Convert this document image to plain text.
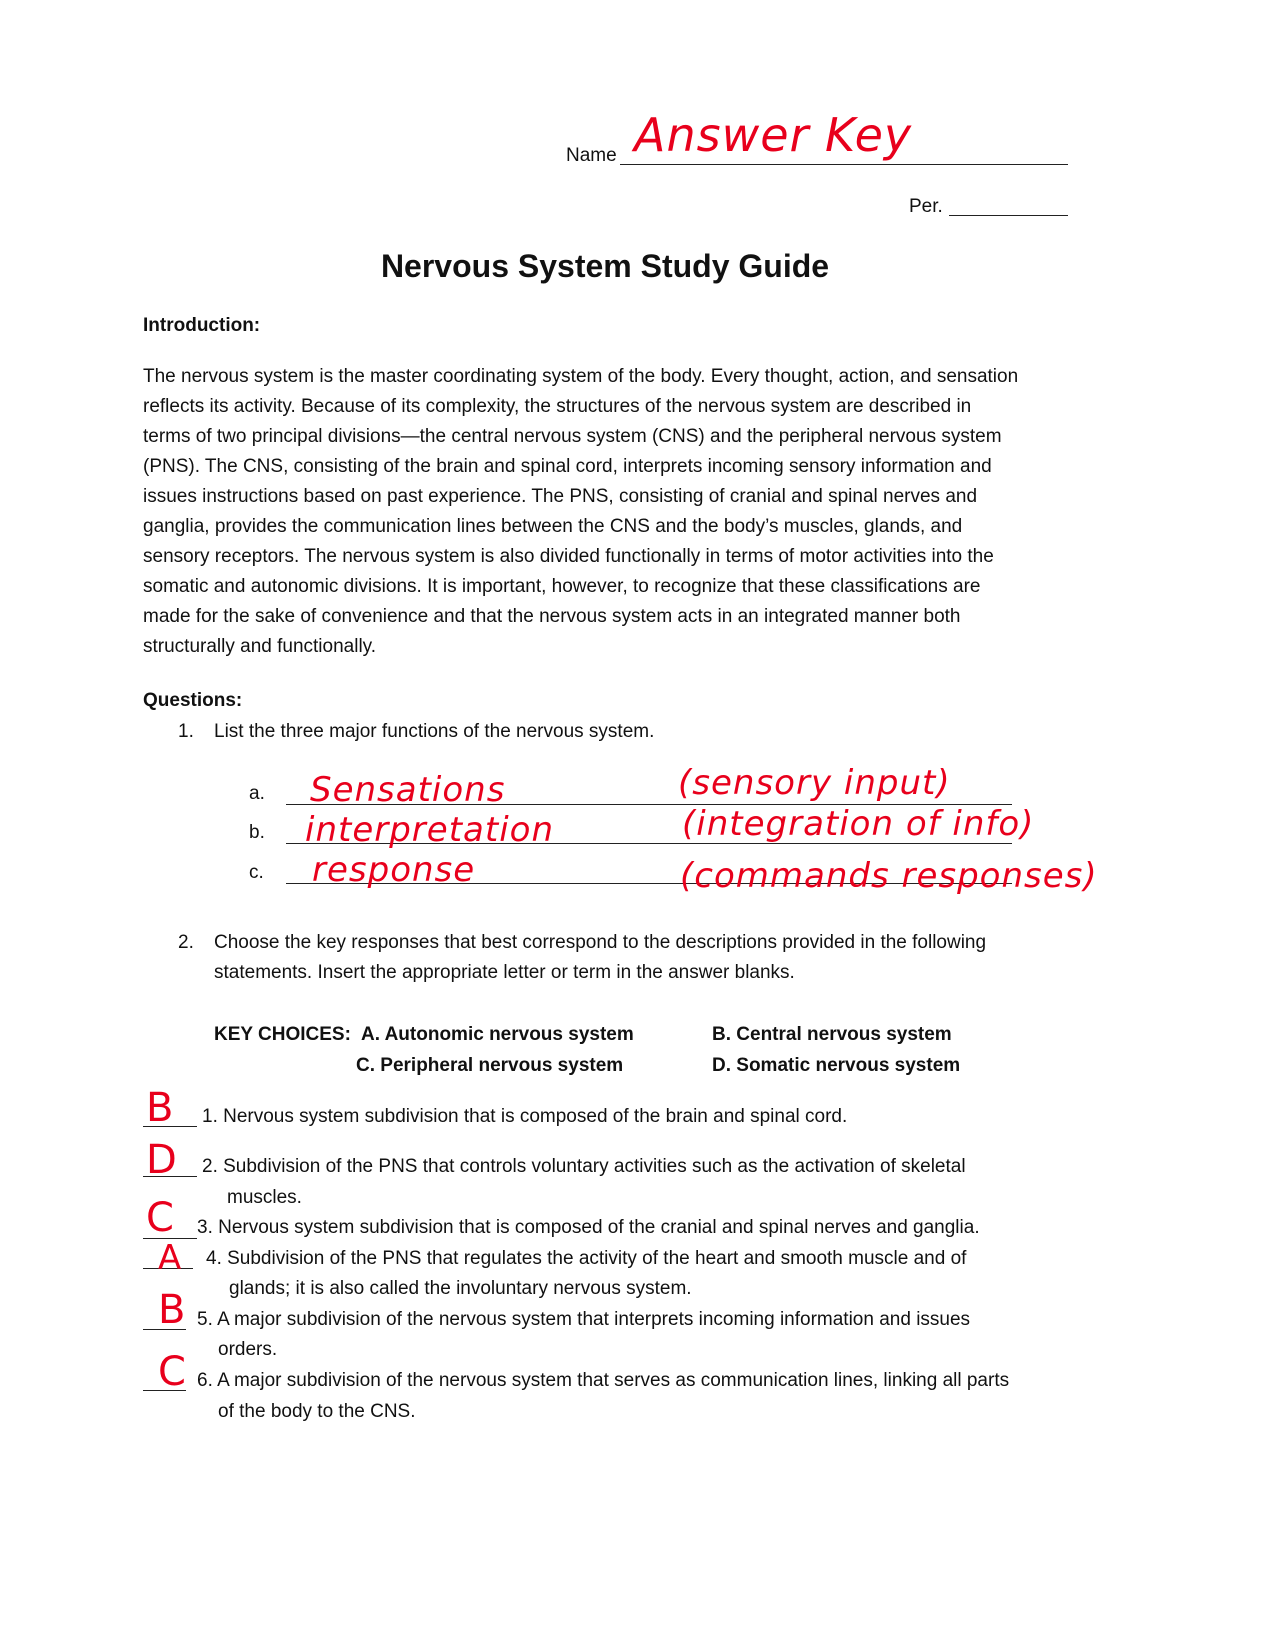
Name Answer Key
Per.
Nervous System Study Guide
Introduction:
The nervous system is the master coordinating system of the body. Every thought, action, and sensation
reflects its activity. Because of its complexity, the structures of the nervous system are described in
terms of two principal divisions—the central nervous system (CNS) and the peripheral nervous system
(PNS). The CNS, consisting of the brain and spinal cord, interprets incoming sensory information and
issues instructions based on past experience. The PNS, consisting of cranial and spinal nerves and
ganglia, provides the communication lines between the CNS and the body’s muscles, glands, and
sensory receptors. The nervous system is also divided functionally in terms of motor activities into the
somatic and autonomic divisions. It is important, however, to recognize that these classifications are
made for the sake of convenience and that the nervous system acts in an integrated manner both
structurally and functionally.
Questions:
1. List the three major functions of the nervous system.
a. Sensations	(sensory input)
b. interpretation	(integration of info)
c. response	(commands responses)
2. Choose the key responses that best correspond to the descriptions provided in the following
statements. Insert the appropriate letter or term in the answer blanks.
KEY CHOICES: A. Autonomic nervous system	B. Central nervous system
C. Peripheral nervous system	D. Somatic nervous system
B 1. Nervous system subdivision that is composed of the brain and spinal cord.
D 2. Subdivision of the PNS that controls voluntary activities such as the activation of skeletal
muscles.
C 3. Nervous system subdivision that is composed of the cranial and spinal nerves and ganglia.
A 4. Subdivision of the PNS that regulates the activity of the heart and smooth muscle and of
glands; it is also called the involuntary nervous system.
B 5. A major subdivision of the nervous system that interprets incoming information and issues
orders.
C 6. A major subdivision of the nervous system that serves as communication lines, linking all parts
of the body to the CNS.
